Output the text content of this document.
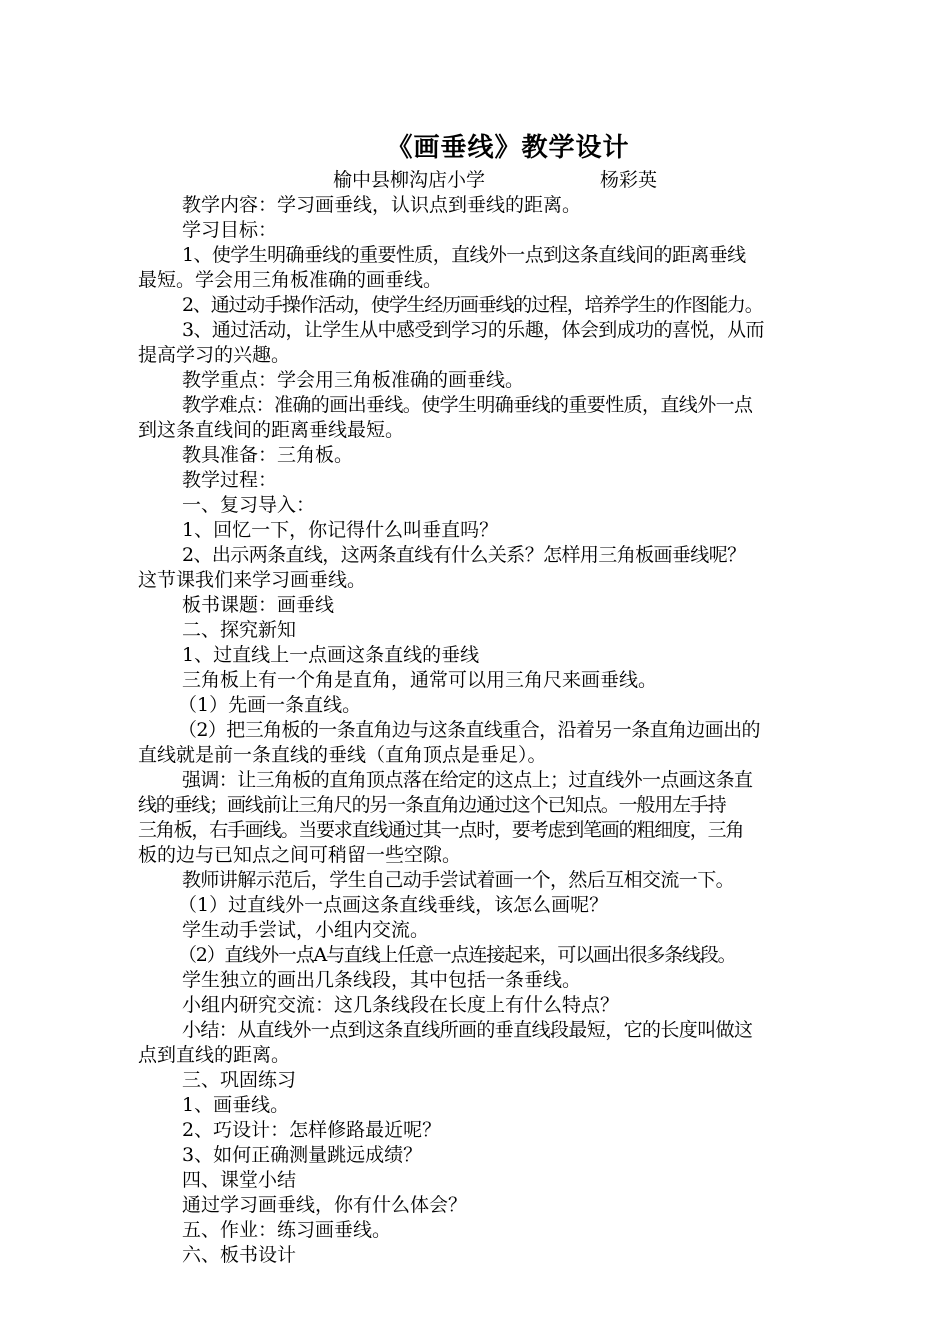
《画垂线》教学设计
榆中县柳沟店小学	杨彩英
教学内容：学习画垂线，认识点到垂线的距离。
学习目标：
1、使学生明确垂线的重要性质，直线外一点到这条直线间的距离垂线
最短。学会用三角板准确的画垂线。
2、通过动手操作活动，使学生经历画垂线的过程，培养学生的作图能力。
3、通过活动，让学生从中感受到学习的乐趣，体会到成功的喜悦，从而
提高学习的兴趣。
教学重点：学会用三角板准确的画垂线。
教学难点：准确的画出垂线。使学生明确垂线的重要性质，直线外一点
到这条直线间的距离垂线最短。
教具准备：三角板。
教学过程：
一、复习导入：
1、回忆一下，你记得什么叫垂直吗？
2、出示两条直线，这两条直线有什么关系？怎样用三角板画垂线呢？
这节课我们来学习画垂线。
板书课题：画垂线
二、探究新知
1、过直线上一点画这条直线的垂线
三角板上有一个角是直角，通常可以用三角尺来画垂线。
（1）先画一条直线。
（2）把三角板的一条直角边与这条直线重合，沿着另一条直角边画出的
直线就是前一条直线的垂线（直角顶点是垂足）。
强调：让三角板的直角顶点落在给定的这点上；过直线外一点画这条直
线的垂线；画线前让三角尺的另一条直角边通过这个已知点。一般用左手持
三角板，右手画线。当要求直线通过其一点时，要考虑到笔画的粗细度，三角
板的边与已知点之间可稍留一些空隙。
教师讲解示范后，学生自己动手尝试着画一个，然后互相交流一下。
（1）过直线外一点画这条直线垂线，该怎么画呢？
学生动手尝试，小组内交流。
（2）直线外一点A与直线上任意一点连接起来，可以画出很多条线段。
学生独立的画出几条线段，其中包括一条垂线。
小组内研究交流：这几条线段在长度上有什么特点？
小结：从直线外一点到这条直线所画的垂直线段最短，它的长度叫做这
点到直线的距离。
三、巩固练习
1、画垂线。
2、巧设计：怎样修路最近呢？
3、如何正确测量跳远成绩？
四、课堂小结
通过学习画垂线，你有什么体会？
五、作业：练习画垂线。
六、板书设计
